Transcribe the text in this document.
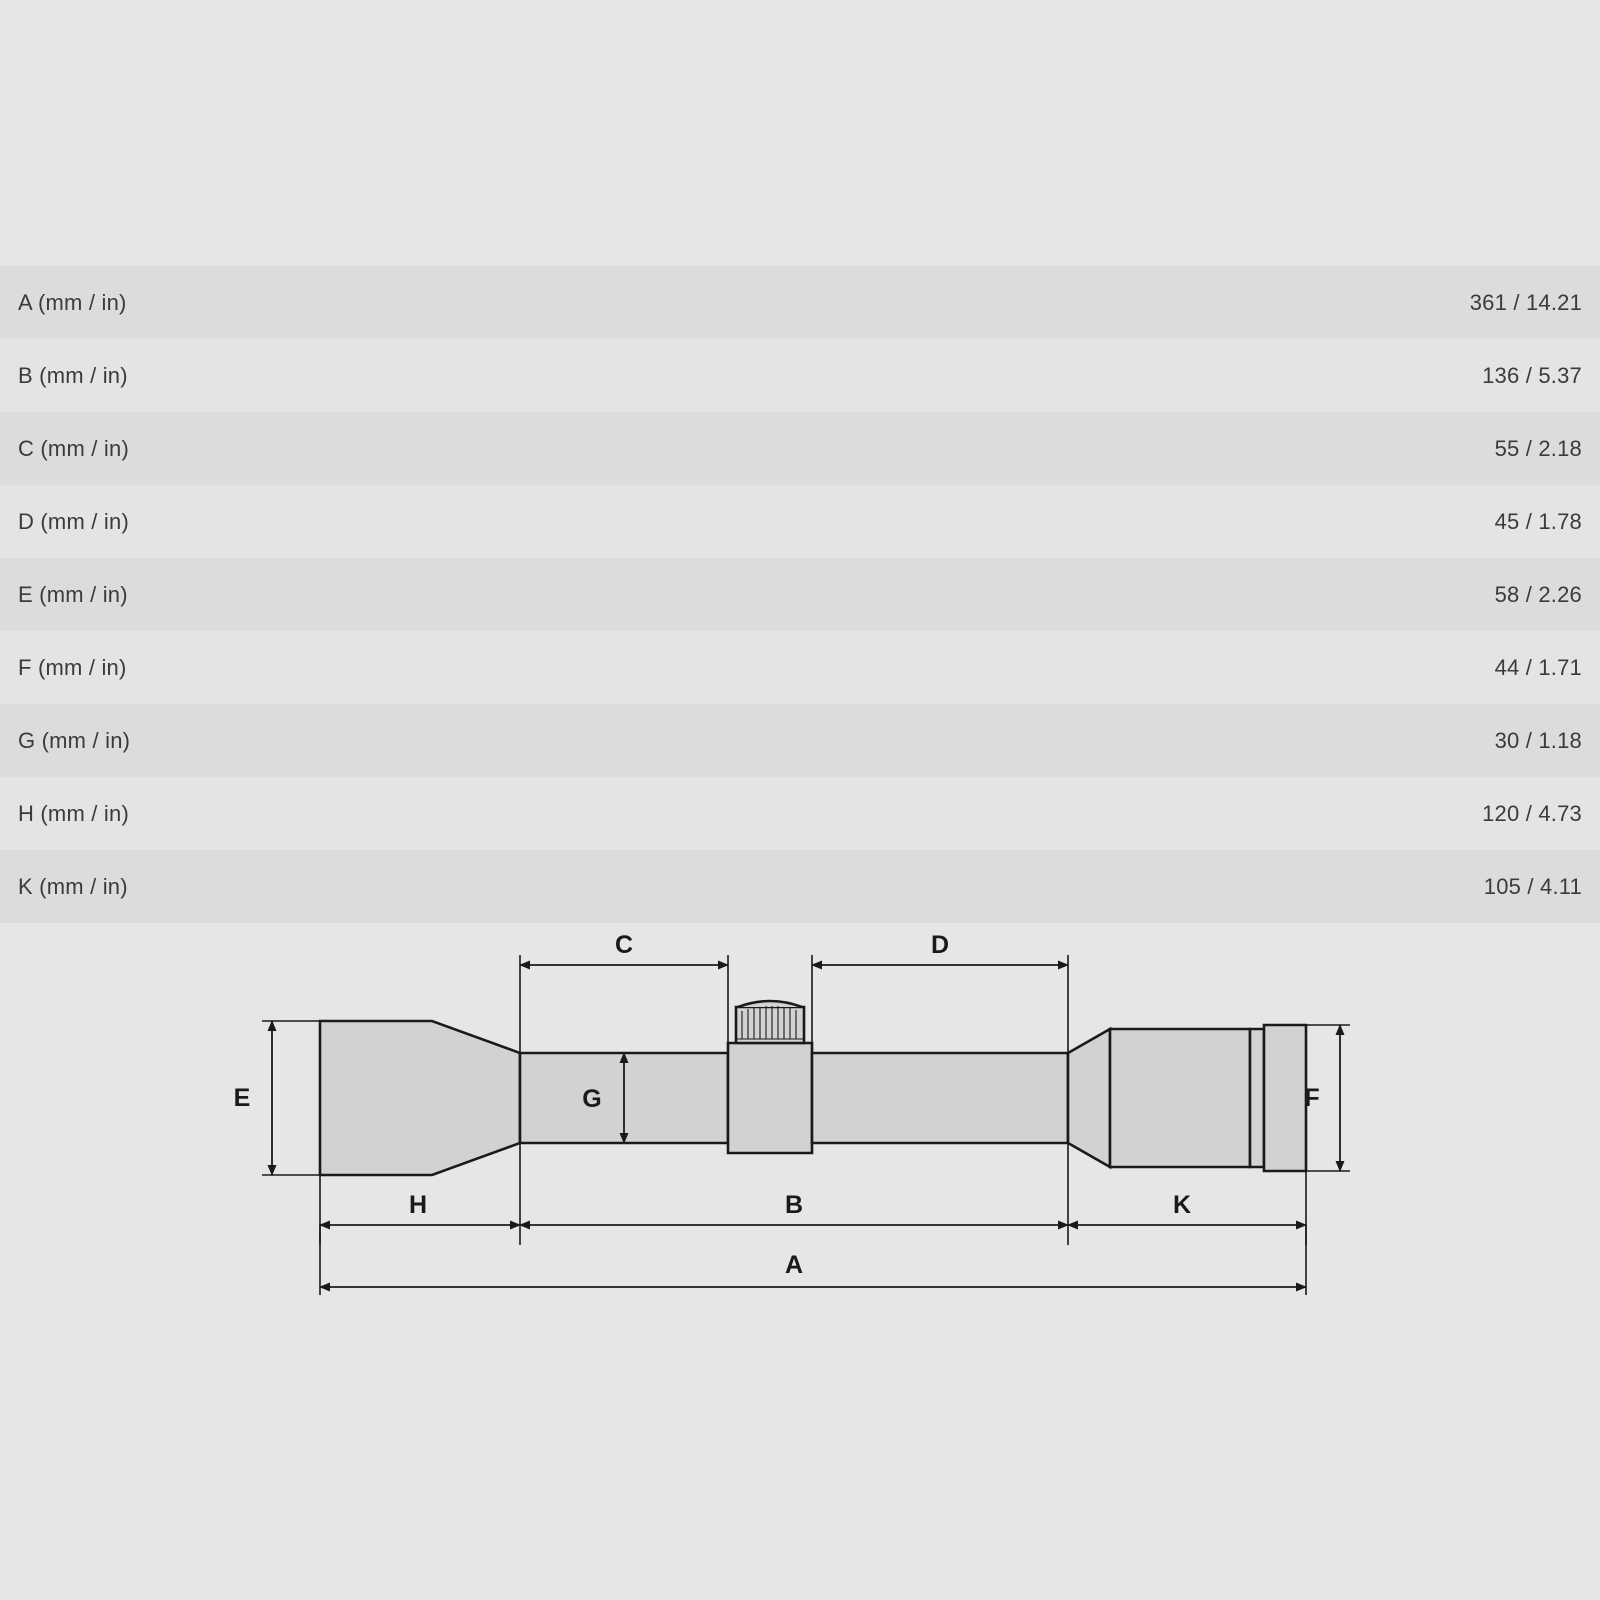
A (mm / in)	361 / 14.21
B (mm / in)	136 / 5.37
C (mm / in)	55 / 2.18
D (mm / in)	45 / 1.78
E (mm / in)	58 / 2.26
F (mm / in)	44 / 1.71
G (mm / in)	30 / 1.18
H (mm / in)	120 / 4.73
K (mm / in)	105 / 4.11
C	D
E	F
G
H	B	K
A
